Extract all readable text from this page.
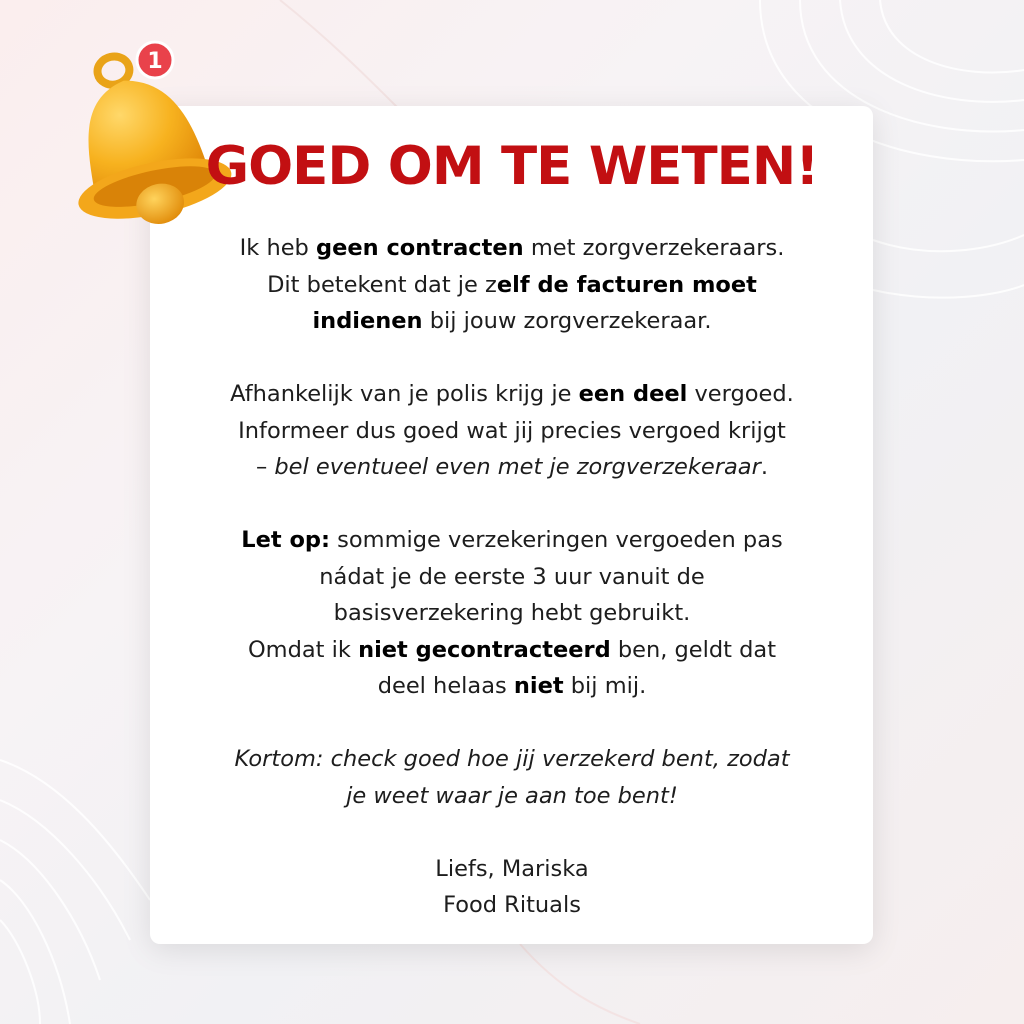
1
GOED OM TE WETEN!

Ik heb geen contracten met zorgverzekeraars.
Dit betekent dat je zelf de facturen moet
indienen bij jouw zorgverzekeraar.

Afhankelijk van je polis krijg je een deel vergoed.
Informeer dus goed wat jij precies vergoed krijgt
– bel eventueel even met je zorgverzekeraar.

Let op: sommige verzekeringen vergoeden pas
nádat je de eerste 3 uur vanuit de
basisverzekering hebt gebruikt.
Omdat ik niet gecontracteerd ben, geldt dat
deel helaas niet bij mij.

Kortom: check goed hoe jij verzekerd bent, zodat
je weet waar je aan toe bent!

Liefs, Mariska
Food Rituals
